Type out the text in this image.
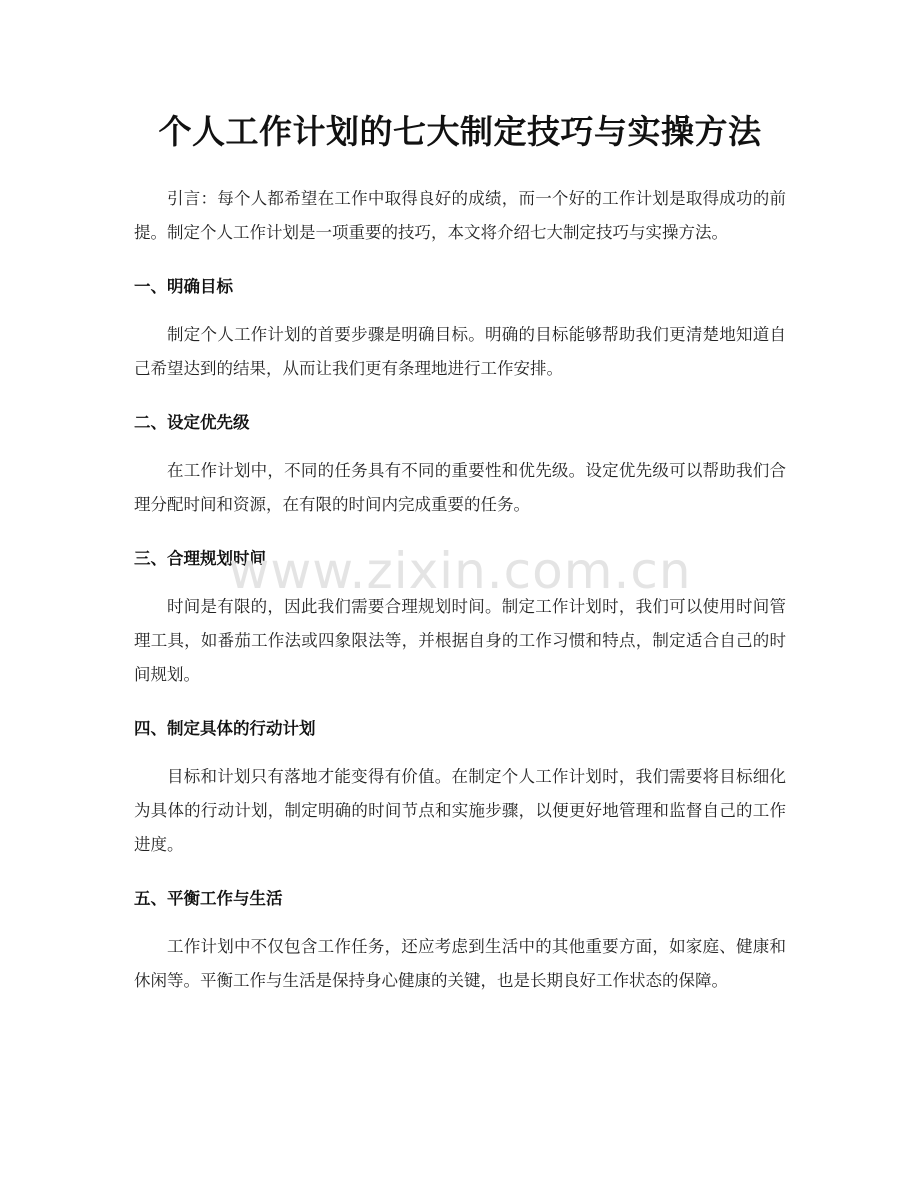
个人工作计划的七大制定技巧与实操方法

引言：每个人都希望在工作中取得良好的成绩，而一个好的工作计划是取得成功的前提。制定个人工作计划是一项重要的技巧，本文将介绍七大制定技巧与实操方法。

一、明确目标

制定个人工作计划的首要步骤是明确目标。明确的目标能够帮助我们更清楚地知道自己希望达到的结果，从而让我们更有条理地进行工作安排。

二、设定优先级

在工作计划中，不同的任务具有不同的重要性和优先级。设定优先级可以帮助我们合理分配时间和资源，在有限的时间内完成重要的任务。

三、合理规划时间

时间是有限的，因此我们需要合理规划时间。制定工作计划时，我们可以使用时间管理工具，如番茄工作法或四象限法等，并根据自身的工作习惯和特点，制定适合自己的时间规划。

四、制定具体的行动计划

目标和计划只有落地才能变得有价值。在制定个人工作计划时，我们需要将目标细化为具体的行动计划，制定明确的时间节点和实施步骤，以便更好地管理和监督自己的工作进度。

五、平衡工作与生活

工作计划中不仅包含工作任务，还应考虑到生活中的其他重要方面，如家庭、健康和休闲等。平衡工作与生活是保持身心健康的关键，也是长期良好工作状态的保障。

www.zixin.com.cn
